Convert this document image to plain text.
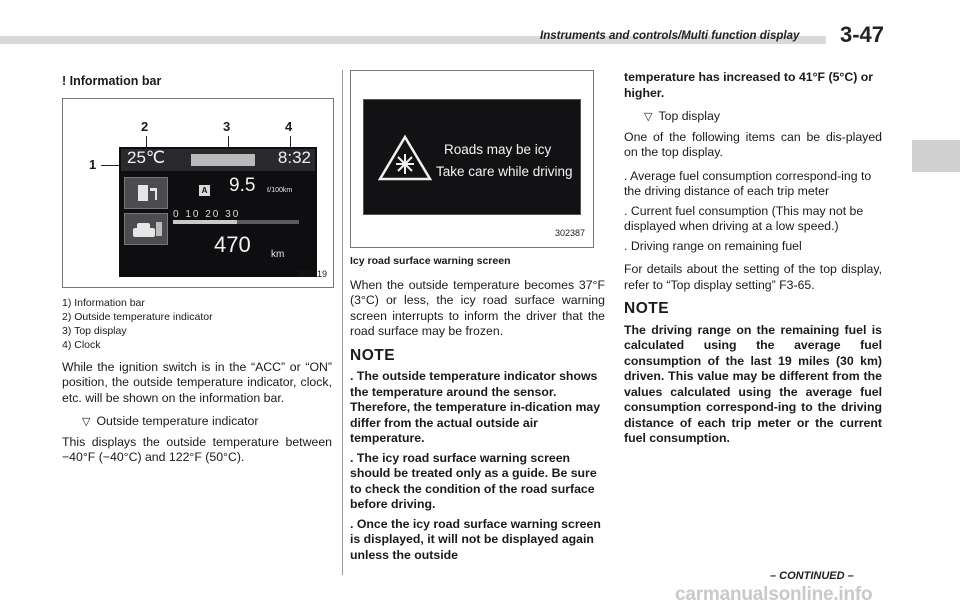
Instruments and controls/Multi function display 3-47
! Information bar
1
2	3	4
25℃	8:32
A 9.5 ℓ/100km
0 10 20 30
470 km
303019
1) Information bar
2) Outside temperature indicator
3) Top display
4) Clock

While the ignition switch is in the “ACC” or “ON” position, the outside temperature indicator, clock, etc. will be shown on the information bar.

▽ Outside temperature indicator

This displays the outside temperature between −40°F (−40°C) and 122°F (50°C).

Roads may be icy
Take care while driving
302387
Icy road surface warning screen

When the outside temperature becomes 37°F (3°C) or less, the icy road surface warning screen interrupts to inform the driver that the road surface may be frozen.

NOTE
. The outside temperature indicator shows the temperature around the sensor. Therefore, the temperature in-dication may differ from the actual outside air temperature.
. The icy road surface warning screen should be treated only as a guide. Be sure to check the condition of the road surface before driving.
. Once the icy road surface warning screen is displayed, it will not be displayed again unless the outside
temperature has increased to 41°F (5°C) or higher.
▽ Top display

One of the following items can be dis-played on the top display.

. Average fuel consumption correspond-ing to the driving distance of each trip meter
. Current fuel consumption (This may not be displayed when driving at a low speed.)
. Driving range on remaining fuel

For details about the setting of the top display, refer to “Top display setting” F3-65.

NOTE

The driving range on the remaining fuel is calculated using the average fuel consumption of the last 19 miles (30 km) driven. This value may be different from the values calculated using the average fuel consumption correspond-ing to the driving distance of each trip meter or the current fuel consumption.

– CONTINUED –
carmanualsonline.info
